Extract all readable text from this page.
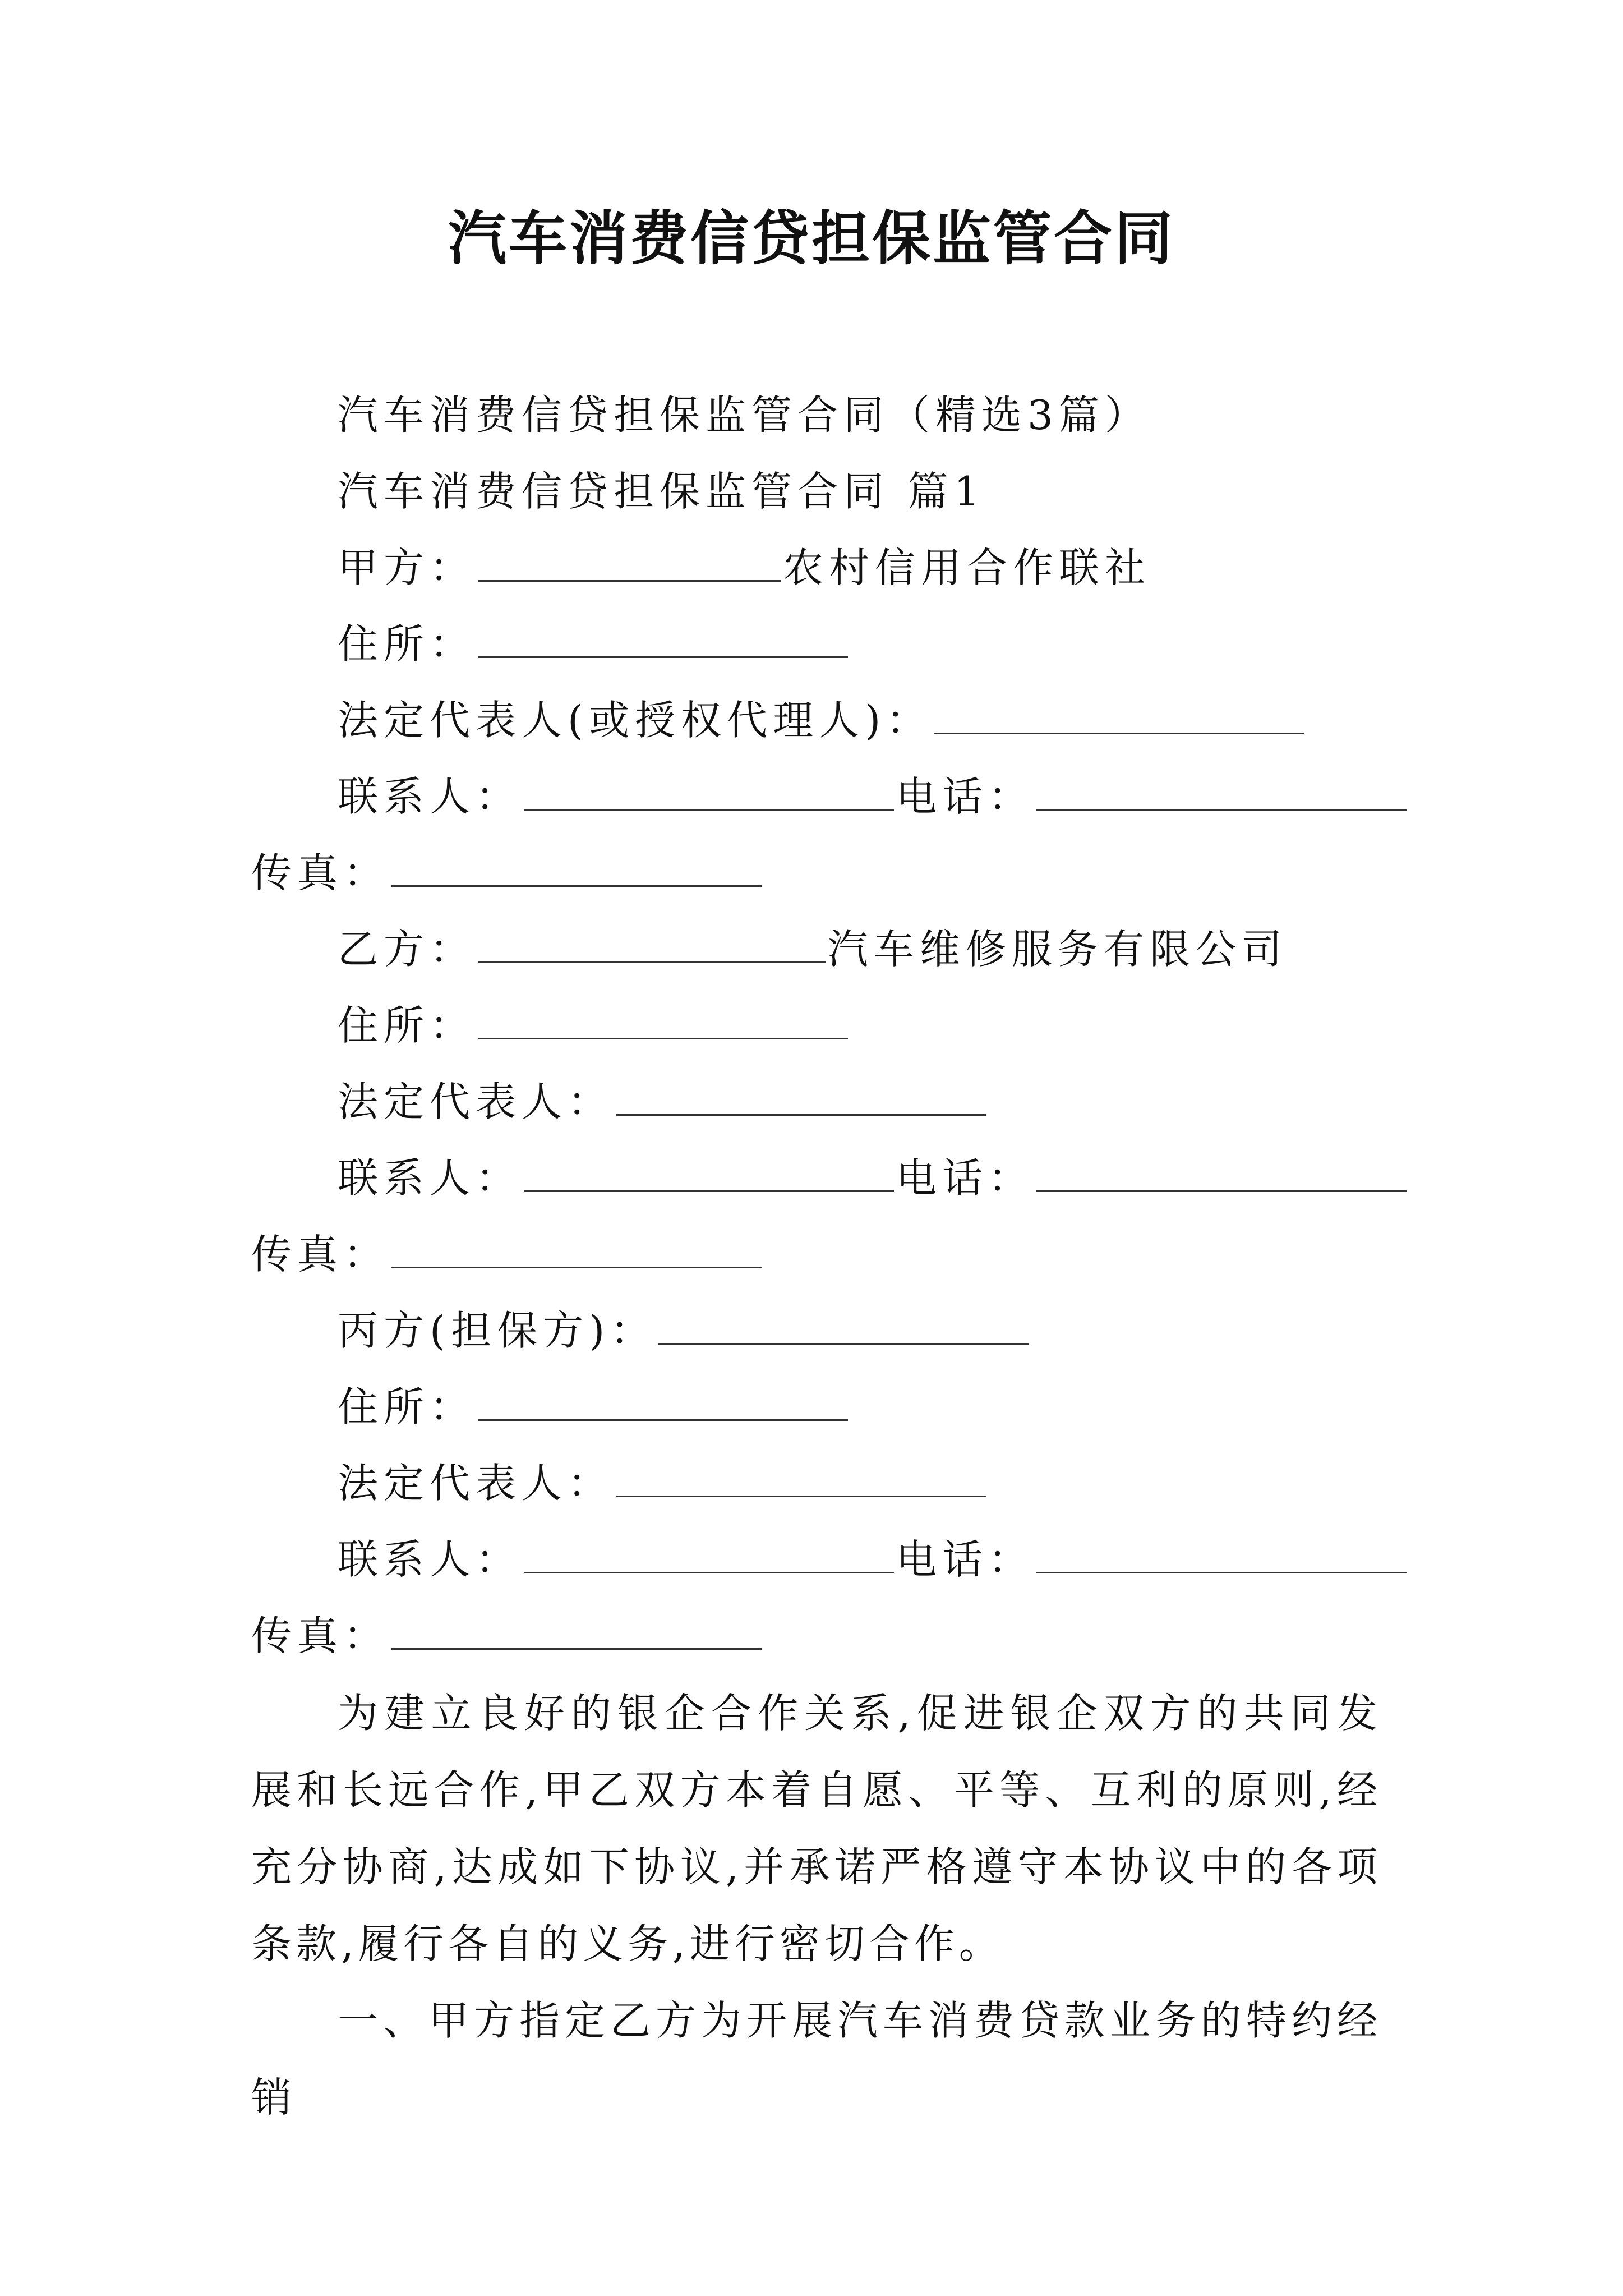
汽车消费信贷担保监管合同
汽车消费信贷担保监管合同（精选3篇）
汽车消费信贷担保监管合同 篇1
甲方：	农村信用合作联社
住所：
法定代表人(或授权代理人)：
联系人：	电话：
传真：
乙方：	汽车维修服务有限公司
住所：
法定代表人：
联系人：	电话：
传真：
丙方(担保方)：
住所：
法定代表人：
联系人：	电话：
传真：
为建立良好的银企合作关系,促进银企双方的共同发展和长远合作,甲乙双方本着自愿、平等、互利的原则,经充分协商,达成如下协议,并承诺严格遵守本协议中的各项条款,履行各自的义务,进行密切合作。
一、甲方指定乙方为开展汽车消费贷款业务的特约经销
